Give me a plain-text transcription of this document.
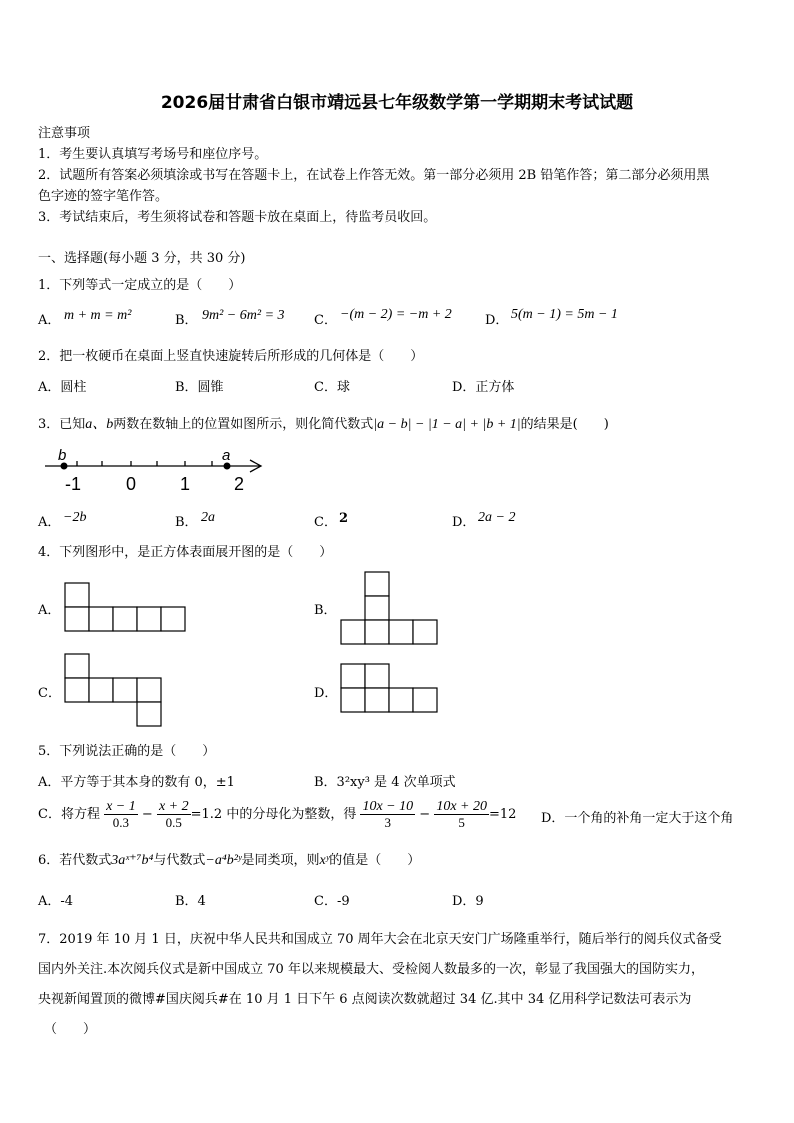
2026届甘肃省白银市靖远县七年级数学第一学期期末考试试题
注意事项
1．考生要认真填写考场号和座位序号。
2．试题所有答案必须填涂或书写在答题卡上，在试卷上作答无效。第一部分必须用 2B 铅笔作答；第二部分必须用黑
色字迹的签字笔作答。
3．考试结束后，考生须将试卷和答题卡放在桌面上，待监考员收回。
一、选择题(每小题 3 分，共 30 分)
1．下列等式一定成立的是（　　）
A． m + m = m²	B． 9m² − 6m² = 3 C． −(m − 2) = −m + 2	D． 5(m − 1) = 5m − 1
2．把一枚硬币在桌面上竖直快速旋转后所形成的几何体是（　　）
A．圆柱	B．圆锥	C．球	D．正方体
3．已知a、b两数在数轴上的位置如图所示，则化简代数式|a − b| − |1 − a| + |b + 1|的结果是(　　)
b	a
-1 0 1 2
A． −2b	B． 2a	C． 2	D． 2a − 2
4．下列图形中，是正方体表面展开图的是（　　）
A．	B．
C．	D．
5．下列说法正确的是（　　）
A．平方等于其本身的数有 0，±1	B．3²xy³ 是 4 次单项式
C．将方程 $\frac{x - 1}{0.3} - \frac{x + 2}{0.5} =1.2$ 中的分母化为整数，得 $\frac{10x - 10}{3} - \frac{10x + 20}{5} =12$ D．一个角的补角一定大于这个角
6．若代数式3aˣ⁺⁷b⁴与代数式−a⁴b²ʸ是同类项，则xʸ的值是（　　）
A．-4	B．4	C．-9	D．9
7．2019 年 10 月 1 日，庆祝中华人民共和国成立 70 周年大会在北京天安门广场隆重举行，随后举行的阅兵仪式备受
国内外关注.本次阅兵仪式是新中国成立 70 年以来规模最大、受检阅人数最多的一次，彰显了我国强大的国防实力，
央视新闻置顶的微博#国庆阅兵#在 10 月 1 日下午 6 点阅读次数就超过 34 亿.其中 34 亿用科学记数法可表示为
（　　）
